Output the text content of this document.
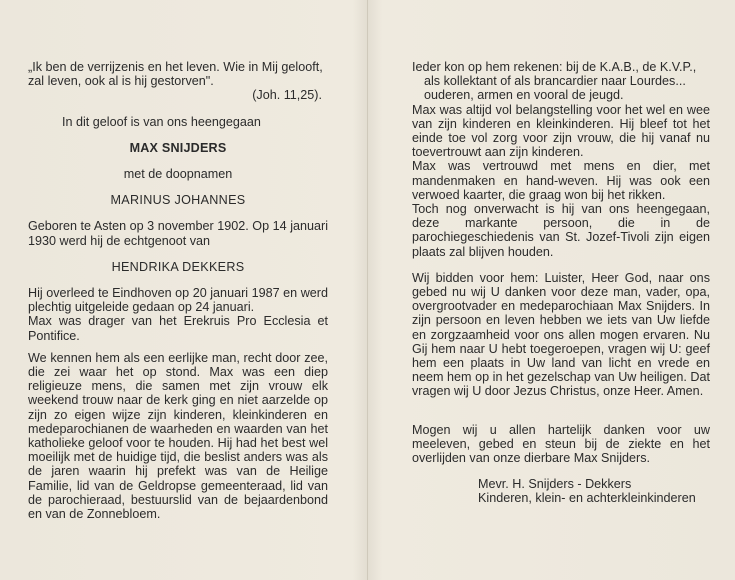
„Ik ben de verrijzenis en het leven. Wie in Mij gelooft,

zal leven, ook al is hij gestorven".

(Joh. 11,25).

In dit geloof is van ons heengegaan

MAX SNIJDERS

met de doopnamen

MARINUS JOHANNES

Geboren te Asten op 3 november 1902. Op 14 januari 1930 werd hij de echtgenoot van

HENDRIKA DEKKERS

Hij overleed te Eindhoven op 20 januari 1987 en werd plechtig uitgeleide gedaan op 24 januari.

Max was drager van het Erekruis Pro Ecclesia et Pontifice.

We kennen hem als een eerlijke man, recht door zee, die zei waar het op stond. Max was een diep religieuze mens, die samen met zijn vrouw elk weekend trouw naar de kerk ging en niet aarzelde op zijn zo eigen wijze zijn kinderen, kleinkinderen en medeparochianen de waarheden en waarden van het katholieke geloof voor te houden. Hij had het best wel moeilijk met de huidige tijd, die beslist anders was als de jaren waarin hij prefekt was van de Heilige Familie, lid van de Geldropse gemeenteraad, lid van de parochieraad, bestuurslid van de bejaardenbond en van de Zonnebloem.

Ieder kon op hem rekenen: bij de K.A.B., de K.V.P.,

als kollektant of als brancardier naar Lourdes...

ouderen, armen en vooral de jeugd.

Max was altijd vol belangstelling voor het wel en wee van zijn kinderen en kleinkinderen. Hij bleef tot het einde toe vol zorg voor zijn vrouw, die hij vanaf nu toevertrouwt aan zijn kinderen.

Max was vertrouwd met mens en dier, met mandenmaken en hand-weven. Hij was ook een verwoed kaarter, die graag won bij het rikken.

Toch nog onverwacht is hij van ons heengegaan, deze markante persoon, die in de parochiegeschiedenis van St. Jozef-Tivoli zijn eigen plaats zal blijven houden.

Wij bidden voor hem: Luister, Heer God, naar ons gebed nu wij U danken voor deze man, vader, opa, overgrootvader en medeparochiaan Max Snijders. In zijn persoon en leven hebben we iets van Uw liefde en zorgzaamheid voor ons allen mogen ervaren. Nu Gij hem naar U hebt toegeroepen, vragen wij U: geef hem een plaats in Uw land van licht en vrede en neem hem op in het gezelschap van Uw heiligen. Dat vragen wij U door Jezus Christus, onze Heer. Amen.

Mogen wij u allen hartelijk danken voor uw meeleven, gebed en steun bij de ziekte en het overlijden van onze dierbare Max Snijders.

Mevr. H. Snijders - Dekkers

Kinderen, klein- en achterkleinkinderen
